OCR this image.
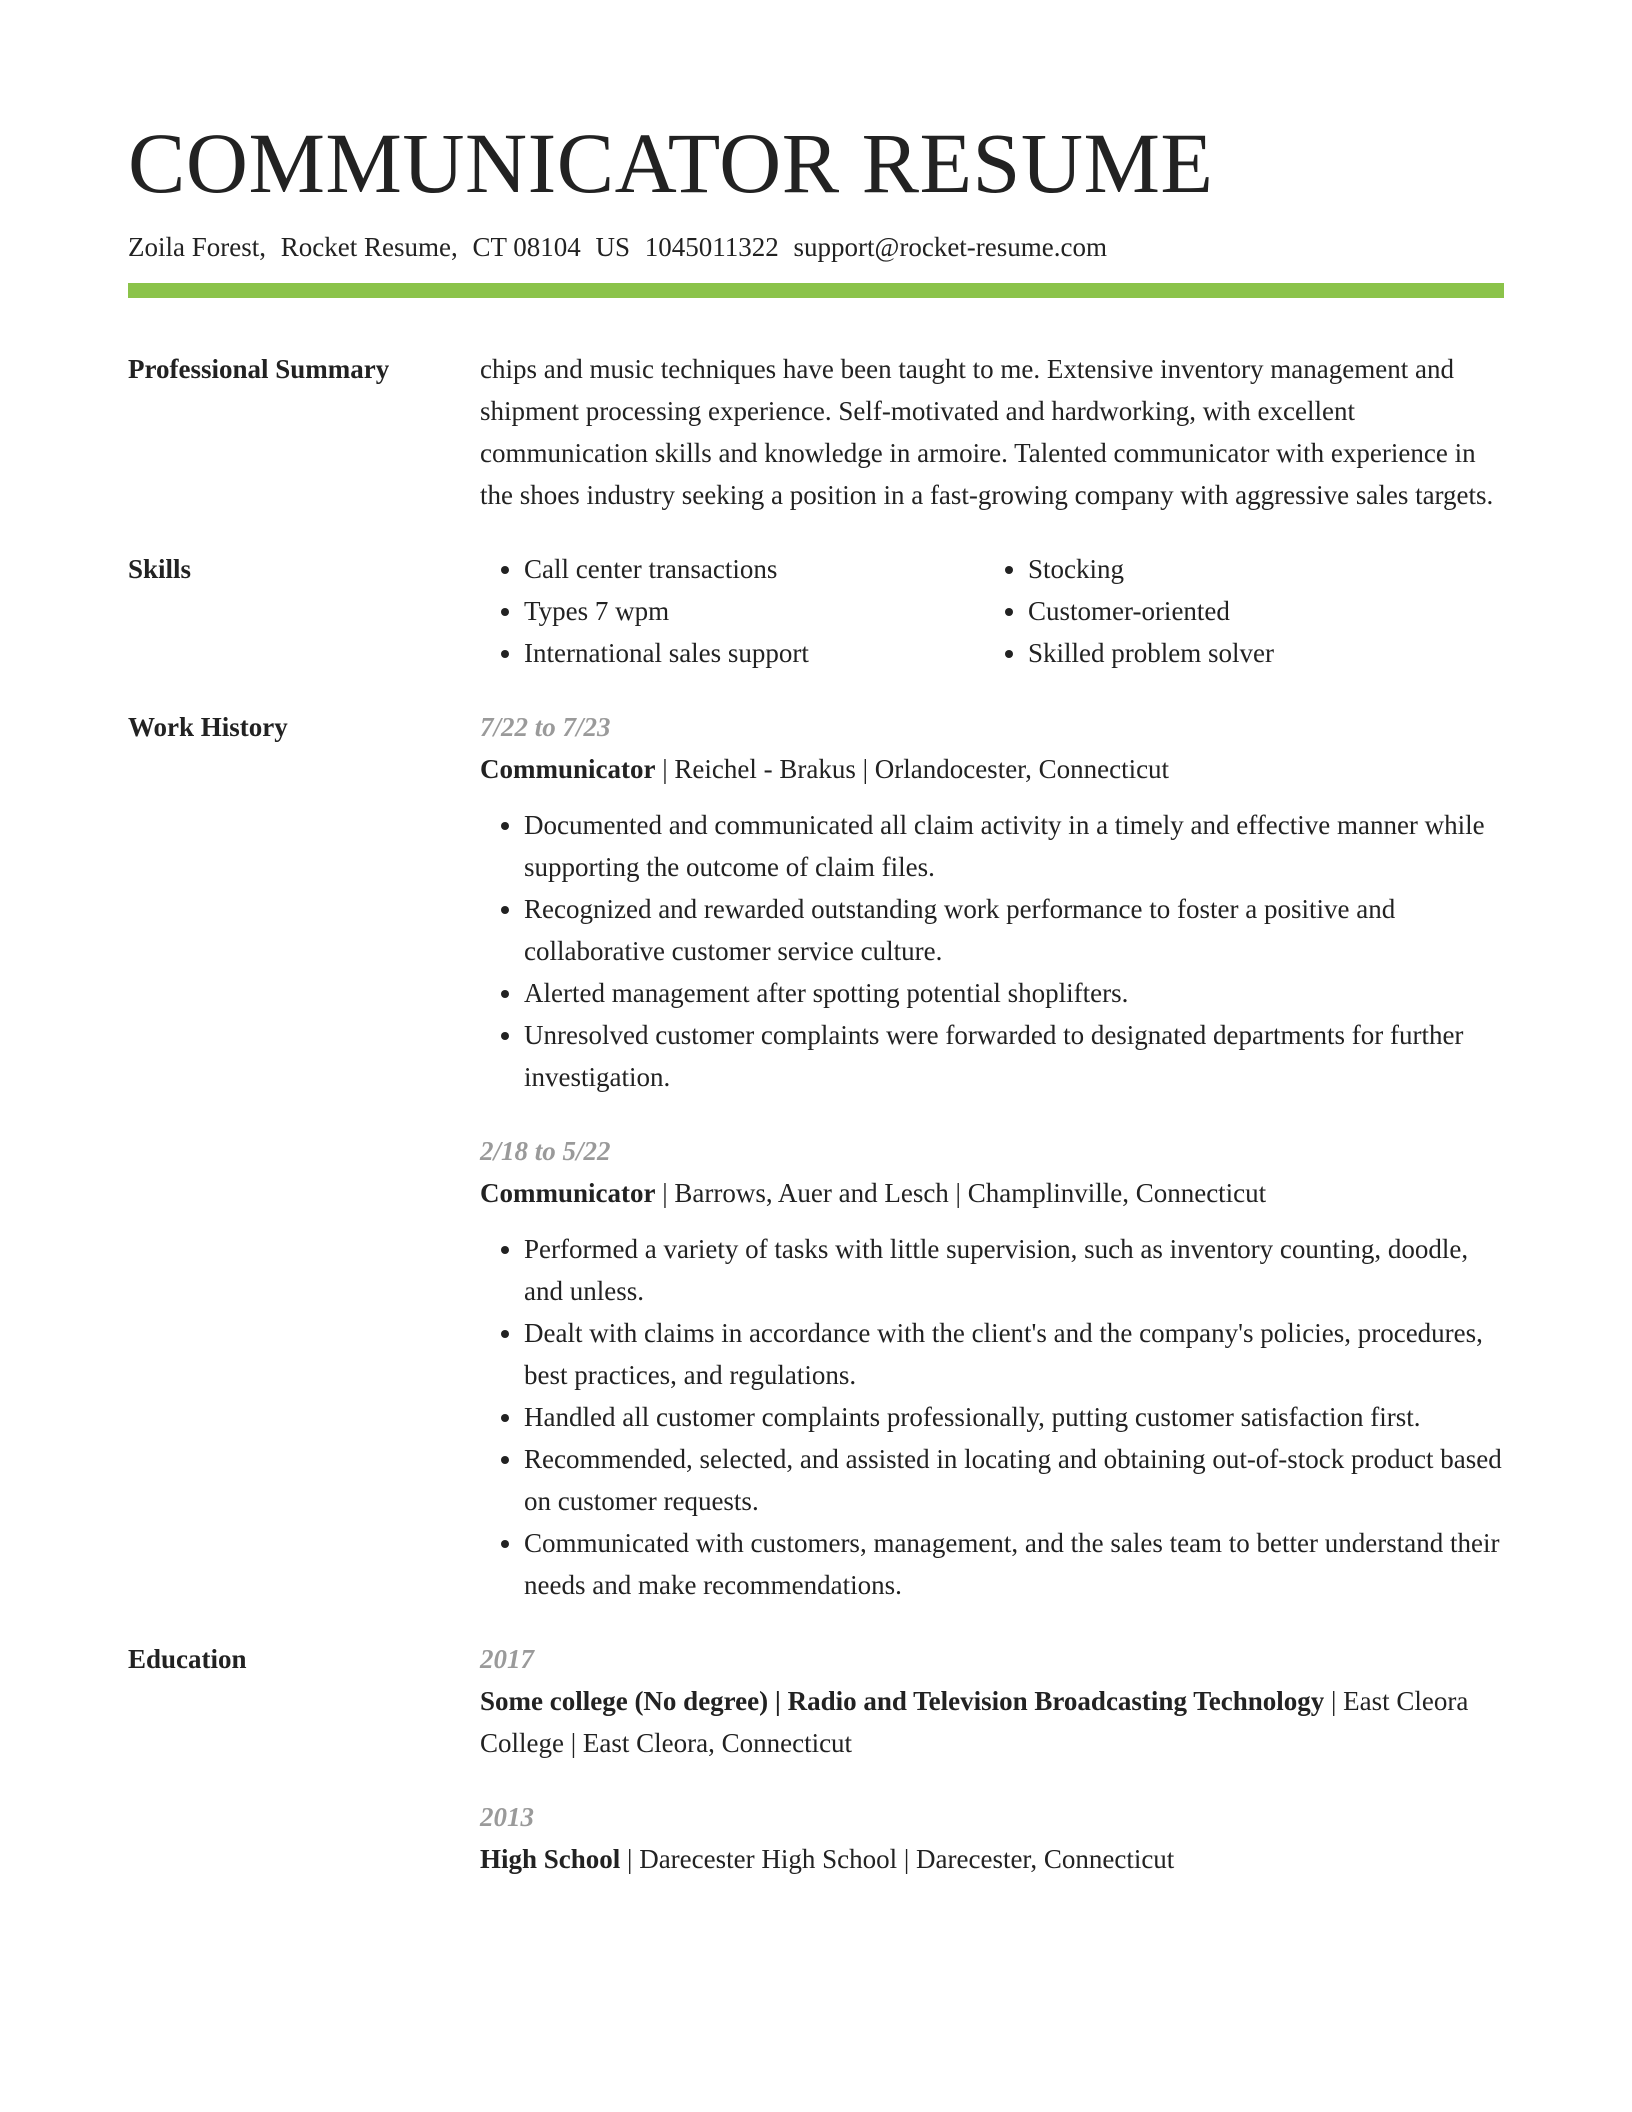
COMMUNICATOR RESUME
Zoila Forest, Rocket Resume, CT 08104 US 1045011322 support@rocket-resume.com
Professional Summary	chips and music techniques have been taught to me. Extensive inventory management and shipment processing experience. Self-motivated and hardworking, with excellent communication skills and knowledge in armoire. Talented communicator with experience in the shoes industry seeking a position in a fast-growing company with aggressive sales targets.
Skills
•	Call center transactions
• Types 7 wpm
• International sales support
• Stocking
• Customer-oriented
• Skilled problem solver
Work History	7/22 to 7/23
Communicator | Reichel - Brakus | Orlandocester, Connecticut
• Documented and communicated all claim activity in a timely and effective manner while supporting the outcome of claim files.
• Recognized and rewarded outstanding work performance to foster a positive and collaborative customer service culture.
• Alerted management after spotting potential shoplifters.
• Unresolved customer complaints were forwarded to designated departments for further investigation.
2/18 to 5/22
Communicator | Barrows, Auer and Lesch | Champlinville, Connecticut
• Performed a variety of tasks with little supervision, such as inventory counting, doodle, and unless.
• Dealt with claims in accordance with the client's and the company's policies, procedures, best practices, and regulations.
• Handled all customer complaints professionally, putting customer satisfaction first.
• Recommended, selected, and assisted in locating and obtaining out-of-stock product based on customer requests.
• Communicated with customers, management, and the sales team to better understand their needs and make recommendations.
Education	2017
Some college (No degree) | Radio and Television Broadcasting Technology | East Cleora College | East Cleora, Connecticut
2013
High School | Darecester High School | Darecester, Connecticut
